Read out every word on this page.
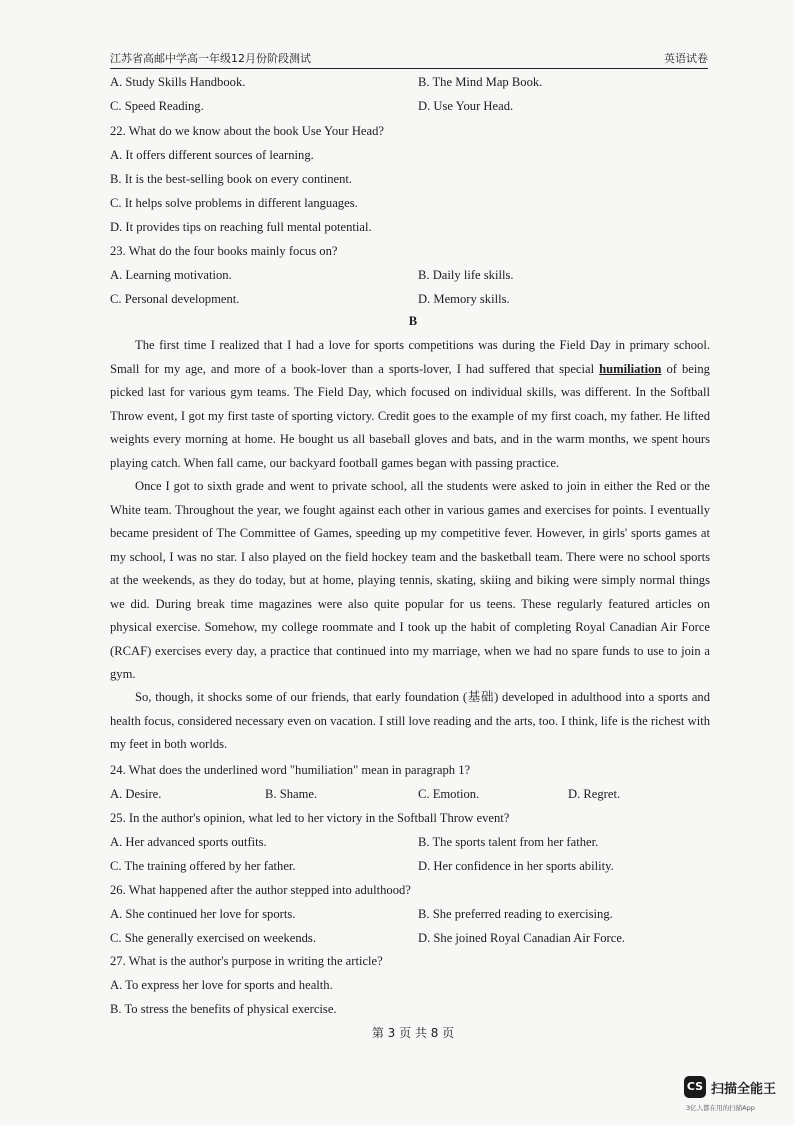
江苏省高邮中学高一年级12月份阶段测试	英语试卷
A. Study Skills Handbook.	B. The Mind Map Book.
C. Speed Reading.	D. Use Your Head.
22. What do we know about the book Use Your Head?
A. It offers different sources of learning.
B. It is the best-selling book on every continent.
C. It helps solve problems in different languages.
D. It provides tips on reaching full mental potential.
23. What do the four books mainly focus on?
A. Learning motivation.	B. Daily life skills.
C. Personal development.	D. Memory skills.
B

The first time I realized that I had a love for sports competitions was during the Field Day in primary school. Small for my age, and more of a book-lover than a sports-lover, I had suffered that special humiliation of being picked last for various gym teams. The Field Day, which focused on individual skills, was different. In the Softball Throw event, I got my first taste of sporting victory. Credit goes to the example of my first coach, my father. He lifted weights every morning at home. He bought us all baseball gloves and bats, and in the warm months, we spent hours playing catch. When fall came, our backyard football games began with passing practice.

Once I got to sixth grade and went to private school, all the students were asked to join in either the Red or the White team. Throughout the year, we fought against each other in various games and exercises for points. I eventually became president of The Committee of Games, speeding up my competitive fever. However, in girls' sports games at my school, I was no star. I also played on the field hockey team and the basketball team. There were no school sports at the weekends, as they do today, but at home, playing tennis, skating, skiing and biking were simply normal things we did. During break time magazines were also quite popular for us teens. These regularly featured articles on physical exercise. Somehow, my college roommate and I took up the habit of completing Royal Canadian Air Force (RCAF) exercises every day, a practice that continued into my marriage, when we had no spare funds to use to join a gym.

So, though, it shocks some of our friends, that early foundation (基础) developed in adulthood into a sports and health focus, considered necessary even on vacation. I still love reading and the arts, too. I think, life is the richest with my feet in both worlds.

24. What does the underlined word "humiliation" mean in paragraph 1?
A. Desire.	B. Shame.	C. Emotion.	D. Regret.
25. In the author's opinion, what led to her victory in the Softball Throw event?
A. Her advanced sports outfits.	B. The sports talent from her father.
C. The training offered by her father.	D. Her confidence in her sports ability.
26. What happened after the author stepped into adulthood?
A. She continued her love for sports.	B. She preferred reading to exercising.
C. She generally exercised on weekends.	D. She joined Royal Canadian Air Force.
27. What is the author's purpose in writing the article?
A. To express her love for sports and health.
B. To stress the benefits of physical exercise.
第 3 页 共 8 页
CS 扫描全能王
3亿人都在用的扫描App
